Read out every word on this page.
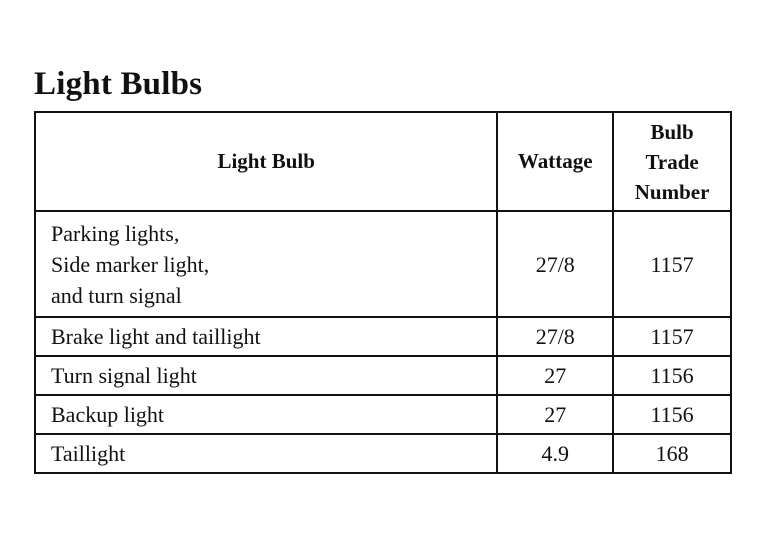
Light Bulbs
Light Bulb	Wattage	Bulb
Trade
Number

Parking lights,
Side marker light,
and turn signal	27/8	1157
Brake light and taillight	27/8	1157
Turn signal light	27	1156
Backup light	27	1156
Taillight	4.9	168
